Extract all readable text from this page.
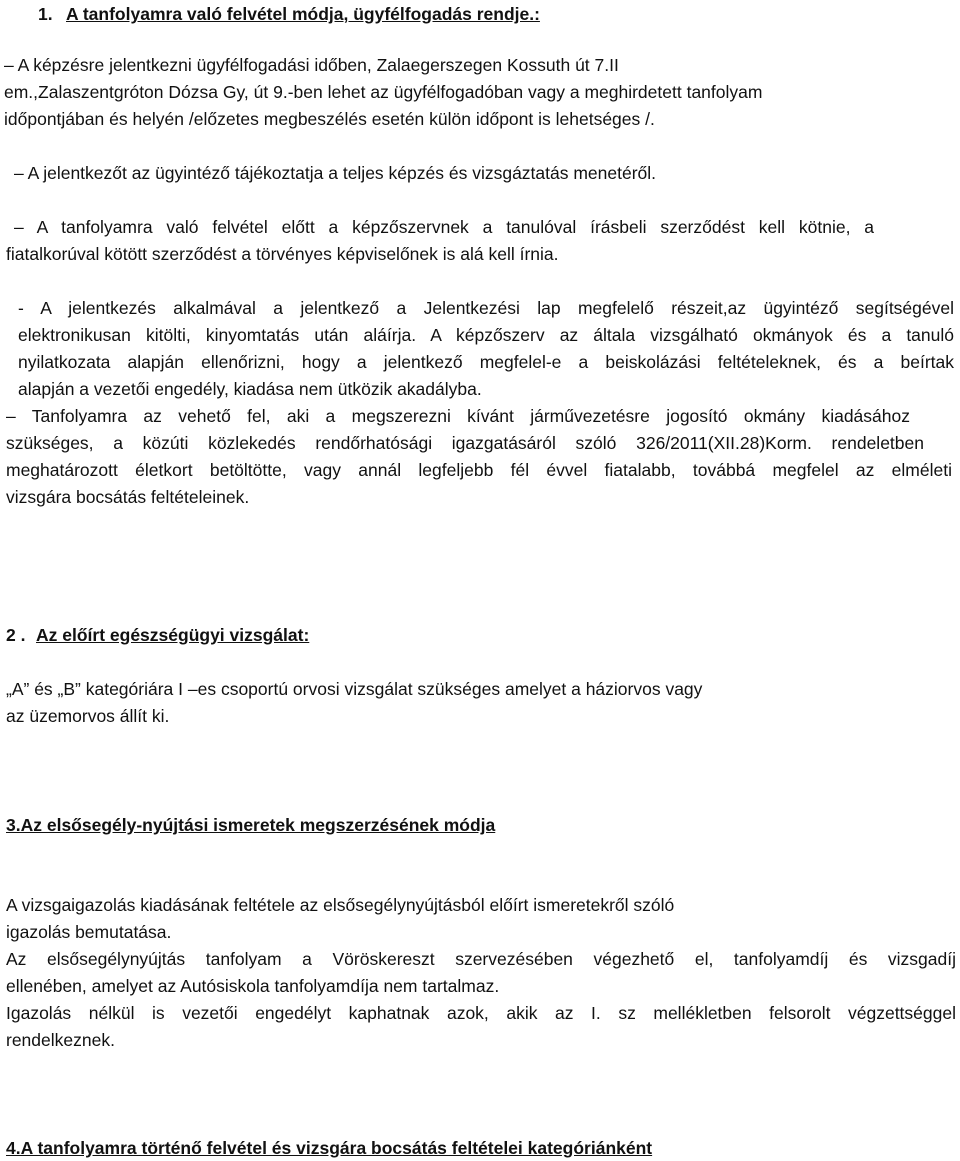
1. A tanfolyamra való felvétel módja, ügyfélfogadás rendje.:
– A képzésre jelentkezni ügyfélfogadási időben, Zalaegerszegen Kossuth út 7.II
em.,Zalaszentgróton Dózsa Gy, út 9.-ben lehet az ügyfélfogadóban vagy a meghirdetett tanfolyam
időpontjában és helyén /előzetes megbeszélés esetén külön időpont is lehetséges /.
– A jelentkezőt az ügyintéző tájékoztatja a teljes képzés és vizsgáztatás menetéről.
– A tanfolyamra való felvétel előtt a képzőszervnek a tanulóval írásbeli szerződést kell kötnie, a
fiatalkorúval kötött szerződést a törvényes képviselőnek is alá kell írnia.
- A jelentkezés alkalmával a jelentkező a Jelentkezési lap megfelelő részeit,az ügyintéző segítségével
elektronikusan kitölti, kinyomtatás után aláírja. A képzőszerv az általa vizsgálható okmányok és a tanuló
nyilatkozata alapján ellenőrizni, hogy a jelentkező megfelel-e a beiskolázási feltételeknek, és a beírtak
alapján a vezetői engedély, kiadása nem ütközik akadályba.
– Tanfolyamra az vehető fel, aki a megszerezni kívánt járművezetésre jogosító okmány kiadásához
szükséges, a közúti közlekedés rendőrhatósági igazgatásáról szóló 326/2011(XII.28)Korm. rendeletben
meghatározott életkort betöltötte, vagy annál legfeljebb fél évvel fiatalabb, továbbá megfelel az elméleti
vizsgára bocsátás feltételeinek.
2 . Az előírt egészségügyi vizsgálat:
„A” és „B” kategóriára I –es csoportú orvosi vizsgálat szükséges amelyet a háziorvos vagy
az üzemorvos állít ki.
3.Az elsősegély-nyújtási ismeretek megszerzésének módja
A vizsgaigazolás kiadásának feltétele az elsősegélynyújtásból előírt ismeretekről szóló
igazolás bemutatása.
Az elsősegélynyújtás tanfolyam a Vöröskereszt szervezésében végezhető el, tanfolyamdíj és vizsgadíj
ellenében, amelyet az Autósiskola tanfolyamdíja nem tartalmaz.
Igazolás nélkül is vezetői engedélyt kaphatnak azok, akik az I. sz mellékletben felsorolt végzettséggel
rendelkeznek.
4.A tanfolyamra történő felvétel és vizsgára bocsátás feltételei kategóriánként
